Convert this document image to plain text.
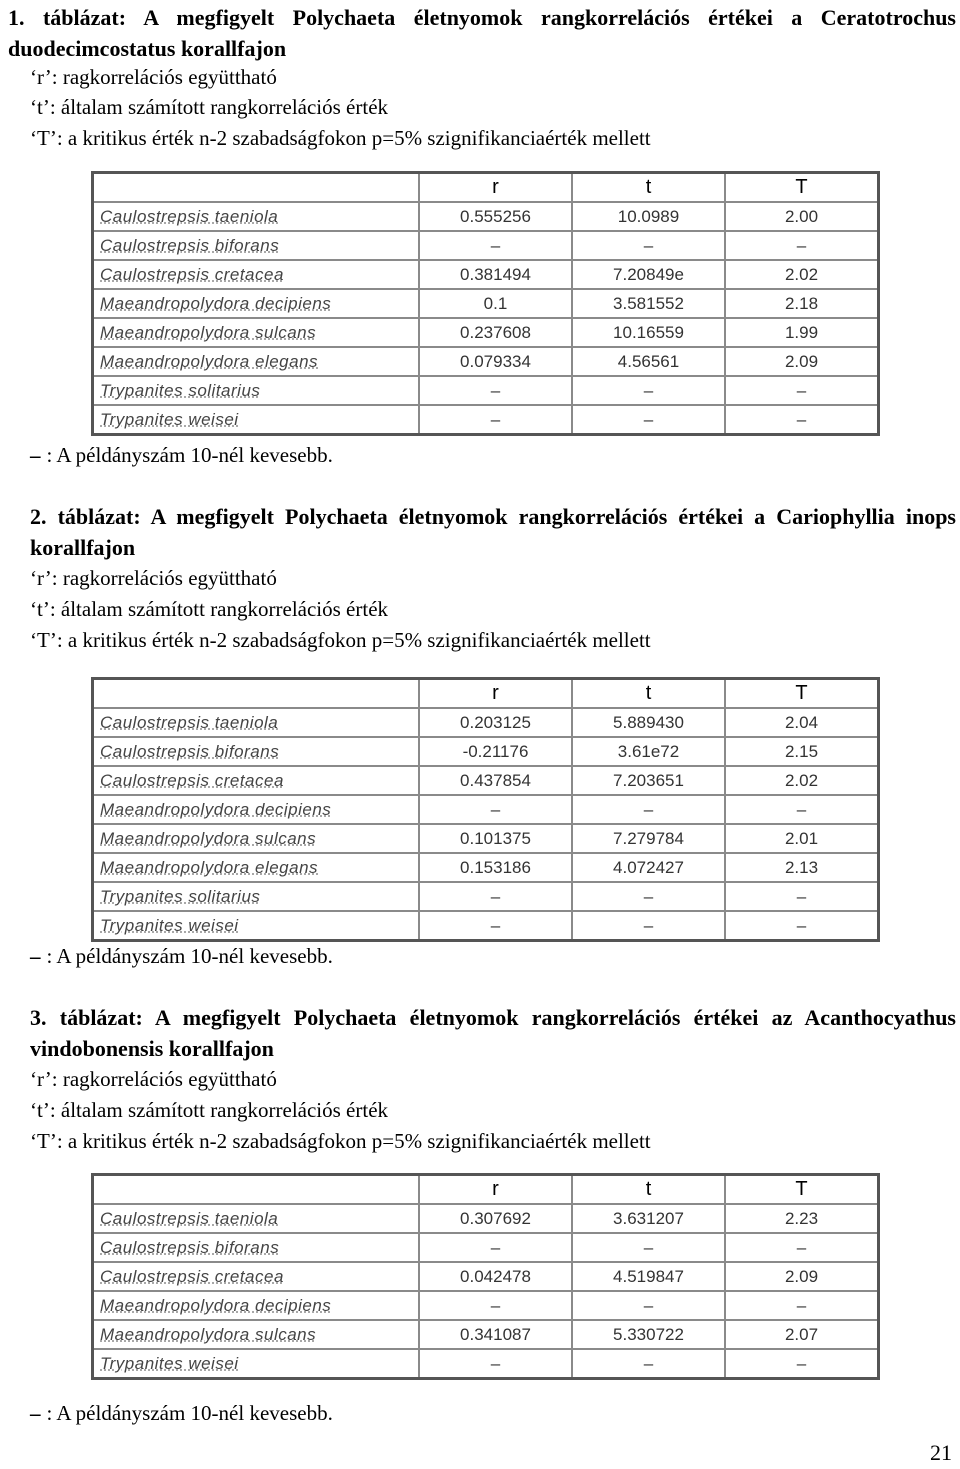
1. táblázat: A megfigyelt Polychaeta életnyomok rangkorrelációs értékei a Ceratotrochus duodecimcostatus korallfajon
‘r’: ragkorrelációs együttható
‘t’: általam számított rangkorrelációs érték
‘T’: a kritikus érték n-2 szabadságfokon p=5% szignifikanciaérték mellett
	r	t	T
Caulostrepsis taeniola	0.555256	10.0989	2.00
Caulostrepsis biforans	–	–	–
Caulostrepsis cretacea	0.381494	7.20849e	2.02
Maeandropolydora decipiens	0.1	3.581552	2.18
Maeandropolydora sulcans	0.237608	10.16559	1.99
Maeandropolydora elegans	0.079334	4.56561	2.09
Trypanites solitarius	–	–	–
Trypanites weisei	–	–	–
– : A példányszám 10-nél kevesebb.
2. táblázat: A megfigyelt Polychaeta életnyomok rangkorrelációs értékei a Cariophyllia inops korallfajon
‘r’: ragkorrelációs együttható
‘t’: általam számított rangkorrelációs érték
‘T’: a kritikus érték n-2 szabadságfokon p=5% szignifikanciaérték mellett
	r	t	T
Caulostrepsis taeniola	0.203125	5.889430	2.04
Caulostrepsis biforans	-0.21176	3.61e72	2.15
Caulostrepsis cretacea	0.437854	7.203651	2.02
Maeandropolydora decipiens	–	–	–
Maeandropolydora sulcans	0.101375	7.279784	2.01
Maeandropolydora elegans	0.153186	4.072427	2.13
Trypanites solitarius	–	–	–
Trypanites weisei	–	–	–
– : A példányszám 10-nél kevesebb.
3. táblázat: A megfigyelt Polychaeta életnyomok rangkorrelációs értékei az Acanthocyathus vindobonensis korallfajon
‘r’: ragkorrelációs együttható
‘t’: általam számított rangkorrelációs érték
‘T’: a kritikus érték n-2 szabadságfokon p=5% szignifikanciaérték mellett
	r	t	T
Caulostrepsis taeniola	0.307692	3.631207	2.23
Caulostrepsis biforans	–	–	–
Caulostrepsis cretacea	0.042478	4.519847	2.09
Maeandropolydora decipiens	–	–	–
Maeandropolydora sulcans	0.341087	5.330722	2.07
Trypanites weisei	–	–	–
– : A példányszám 10-nél kevesebb.
21
